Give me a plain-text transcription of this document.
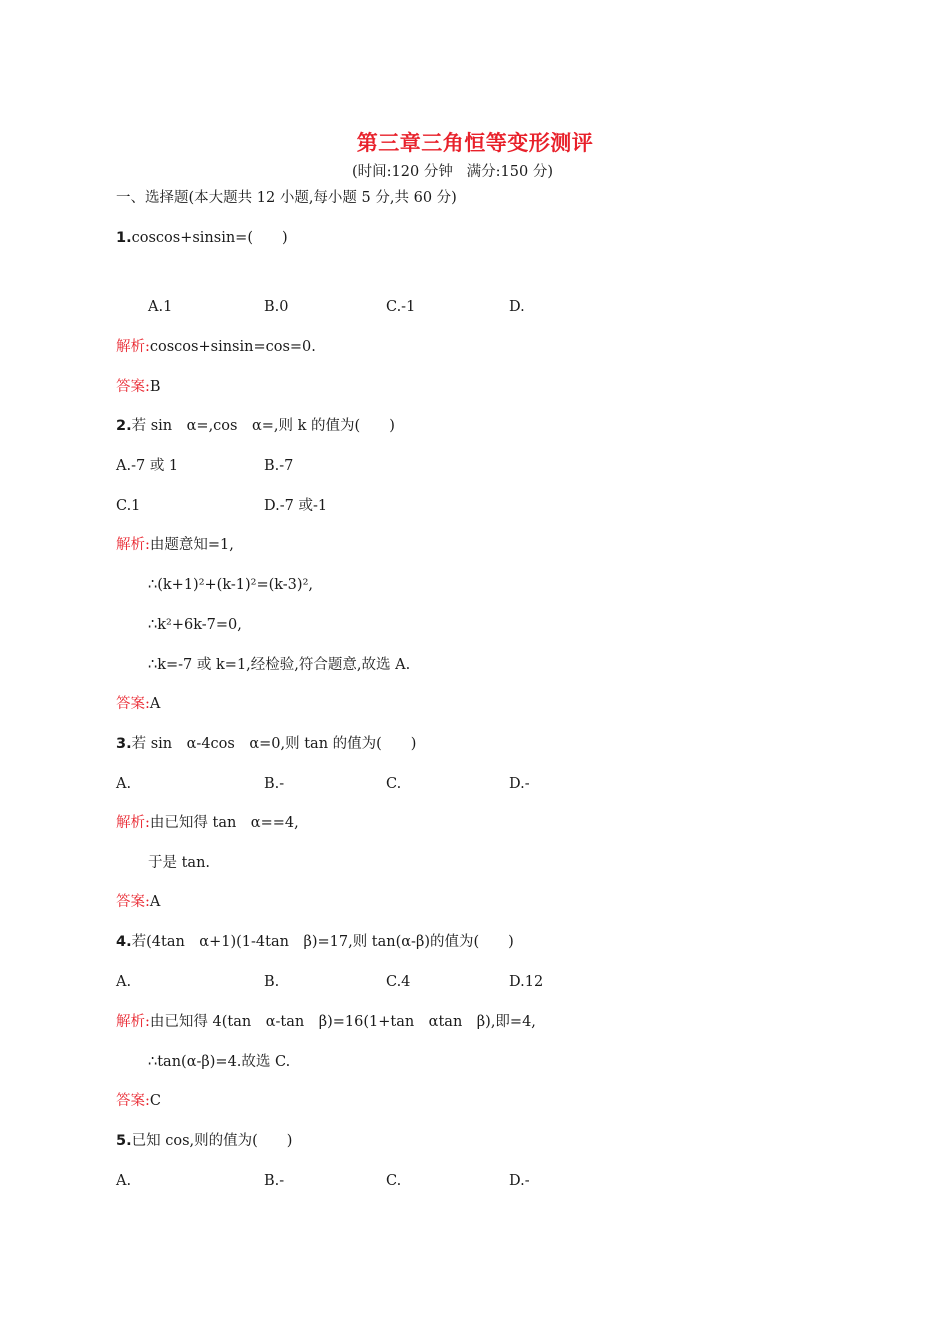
第三章三角恒等变形测评
(时间:120 分钟   满分:150 分)
一、选择题(本大题共 12 小题,每小题 5 分,共 60 分)
1.coscos+sinsin=(　　)
A.1	B.0	C.-1	D.
解析:coscos+sinsin=cos=0.
答案:B
2.若 sin　α=,cos　α=,则 k 的值为(　　)
A.-7 或 1	B.-7
C.1	D.-7 或-1
解析:由题意知=1,
∴(k+1)²+(k-1)²=(k-3)²,
∴k²+6k-7=0,
∴k=-7 或 k=1,经检验,符合题意,故选 A.
答案:A
3.若 sin　α-4cos　α=0,则 tan 的值为(　　)
A.	B.-	C.	D.-
解析:由已知得 tan　α==4,
于是 tan.
答案:A
4.若(4tan　α+1)(1-4tan　β)=17,则 tan(α-β)的值为(　　)
A.	B.	C.4	D.12
解析:由已知得 4(tan　α-tan　β)=16(1+tan　αtan　β),即=4,
∴tan(α-β)=4.故选 C.
答案:C
5.已知 cos,则的值为(　　)
A.	B.-	C.	D.-
